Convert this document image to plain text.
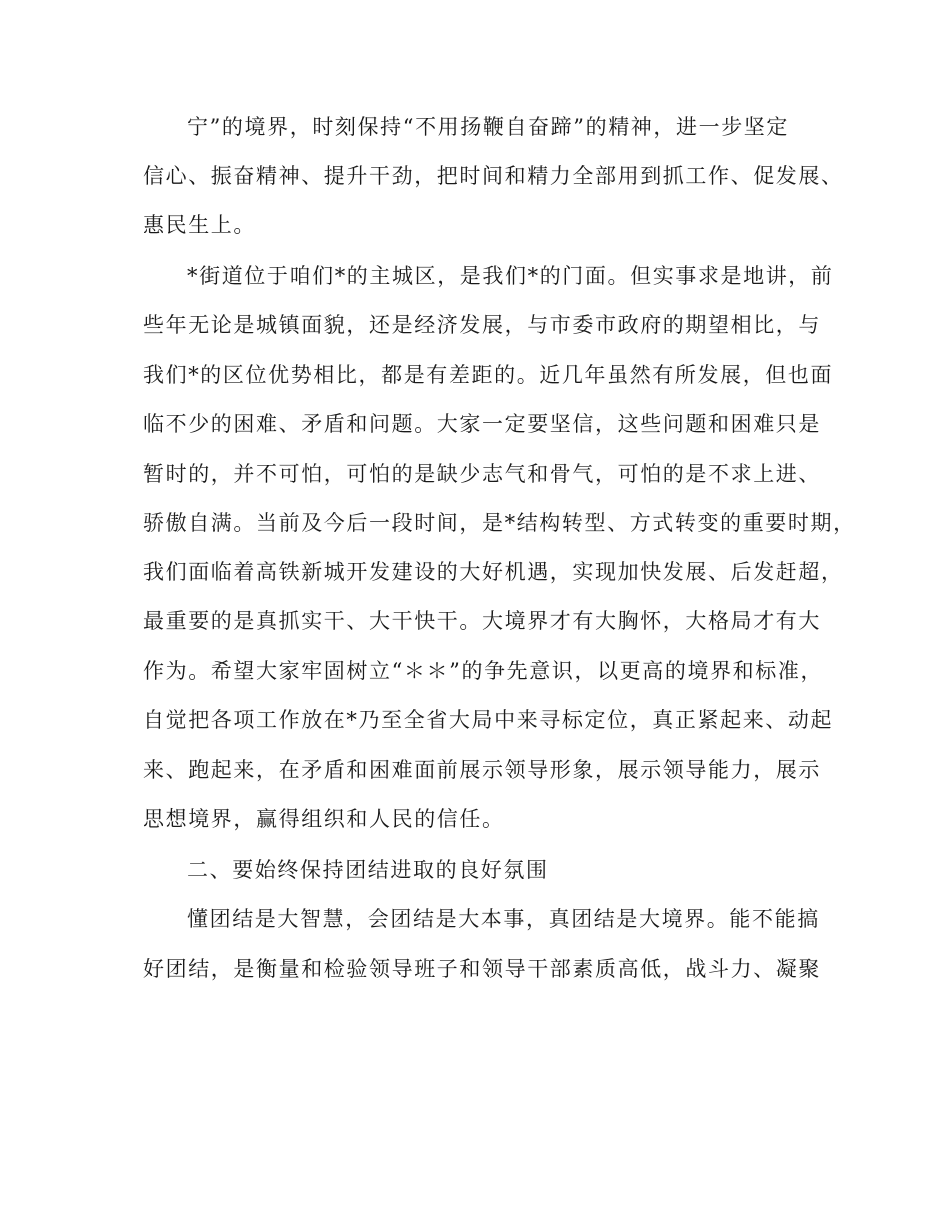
宁”的境界，时刻保持“不用扬鞭自奋蹄”的精神，进一步坚定
信心、振奋精神、提升干劲，把时间和精力全部用到抓工作、促发展、
惠民生上。
*街道位于咱们*的主城区，是我们*的门面。但实事求是地讲，前
些年无论是城镇面貌，还是经济发展，与市委市政府的期望相比，与
我们*的区位优势相比，都是有差距的。近几年虽然有所发展，但也面
临不少的困难、矛盾和问题。大家一定要坚信，这些问题和困难只是
暂时的，并不可怕，可怕的是缺少志气和骨气，可怕的是不求上进、
骄傲自满。当前及今后一段时间，是*结构转型、方式转变的重要时期，
我们面临着高铁新城开发建设的大好机遇，实现加快发展、后发赶超，
最重要的是真抓实干、大干快干。大境界才有大胸怀，大格局才有大
作为。希望大家牢固树立“＊＊”的争先意识，以更高的境界和标准，
自觉把各项工作放在*乃至全省大局中来寻标定位，真正紧起来、动起
来、跑起来，在矛盾和困难面前展示领导形象，展示领导能力，展示
思想境界，赢得组织和人民的信任。
二、要始终保持团结进取的良好氛围
懂团结是大智慧，会团结是大本事，真团结是大境界。能不能搞
好团结，是衡量和检验领导班子和领导干部素质高低，战斗力、凝聚
